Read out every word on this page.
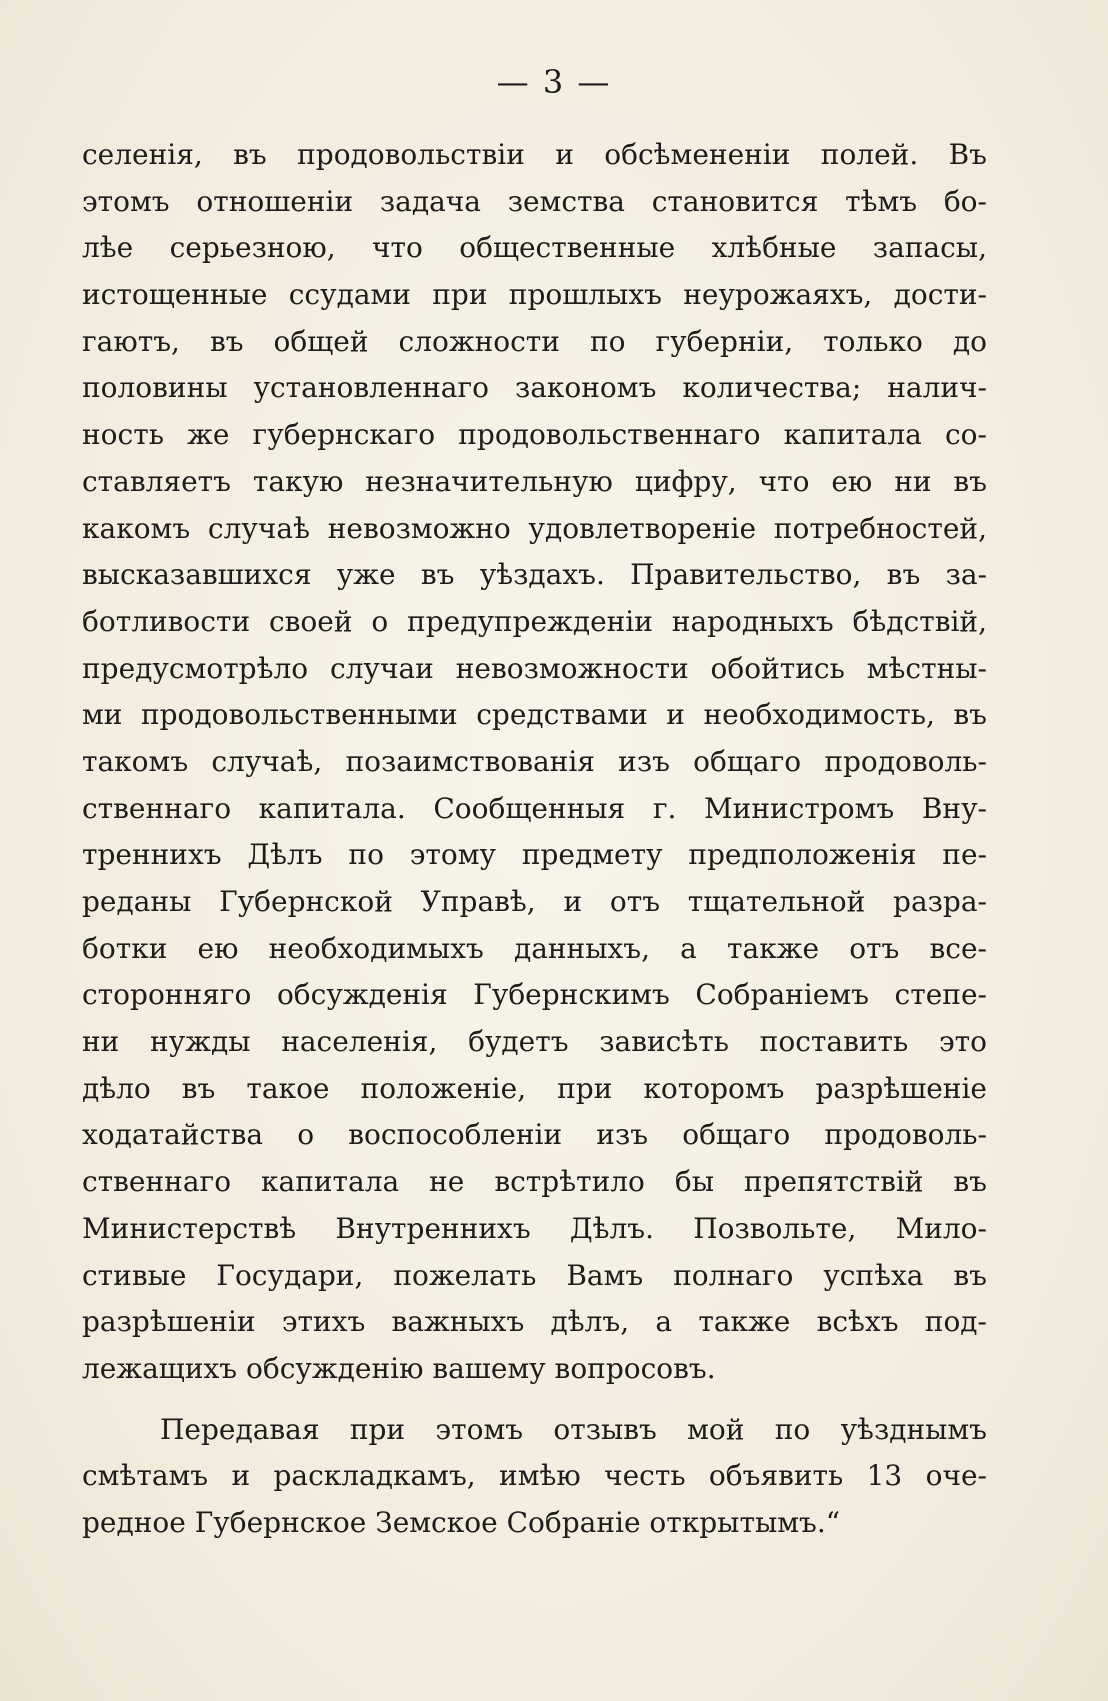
— 3 —
селенія, въ продовольствіи и обсѣмененіи полей. Въ
этомъ отношеніи задача земства становится тѣмъ бо-
лѣе серьезною, что общественные хлѣбные запасы,
истощенные ссудами при прошлыхъ неурожаяхъ, дости-
гаютъ, въ общей сложности по губерніи, только до
половины установленнаго закономъ количества; налич-
ность же губернскаго продовольственнаго капитала со-
ставляетъ такую незначительную цифру, что ею ни въ
какомъ случаѣ невозможно удовлетвореніе потребностей,
высказавшихся уже въ уѣздахъ. Правительство, въ за-
ботливости своей о предупрежденіи народныхъ бѣдствій,
предусмотрѣло случаи невозможности обойтись мѣстны-
ми продовольственными средствами и необходимость, въ
такомъ случаѣ, позаимствованія изъ общаго продоволь-
ственнаго капитала. Сообщенныя г. Министромъ Вну-
треннихъ Дѣлъ по этому предмету предположенія пе-
реданы Губернской Управѣ, и отъ тщательной разра-
ботки ею необходимыхъ данныхъ, а также отъ все-
сторонняго обсужденія Губернскимъ Собраніемъ степе-
ни нужды населенія, будетъ зависѣть поставить это
дѣло въ такое положеніе, при которомъ разрѣшеніе
ходатайства о воспособленіи изъ общаго продоволь-
ственнаго капитала не встрѣтило бы препятствій въ
Министерствѣ Внутреннихъ Дѣлъ. Позвольте, Мило-
стивые Государи, пожелать Вамъ полнаго успѣха въ
разрѣшеніи этихъ важныхъ дѣлъ, а также всѣхъ под-
лежащихъ обсужденію вашему вопросовъ.
Передавая при этомъ отзывъ мой по уѣзднымъ
смѣтамъ и раскладкамъ, имѣю честь объявить 13 оче-
редное Губернское Земское Собраніе открытымъ.“
